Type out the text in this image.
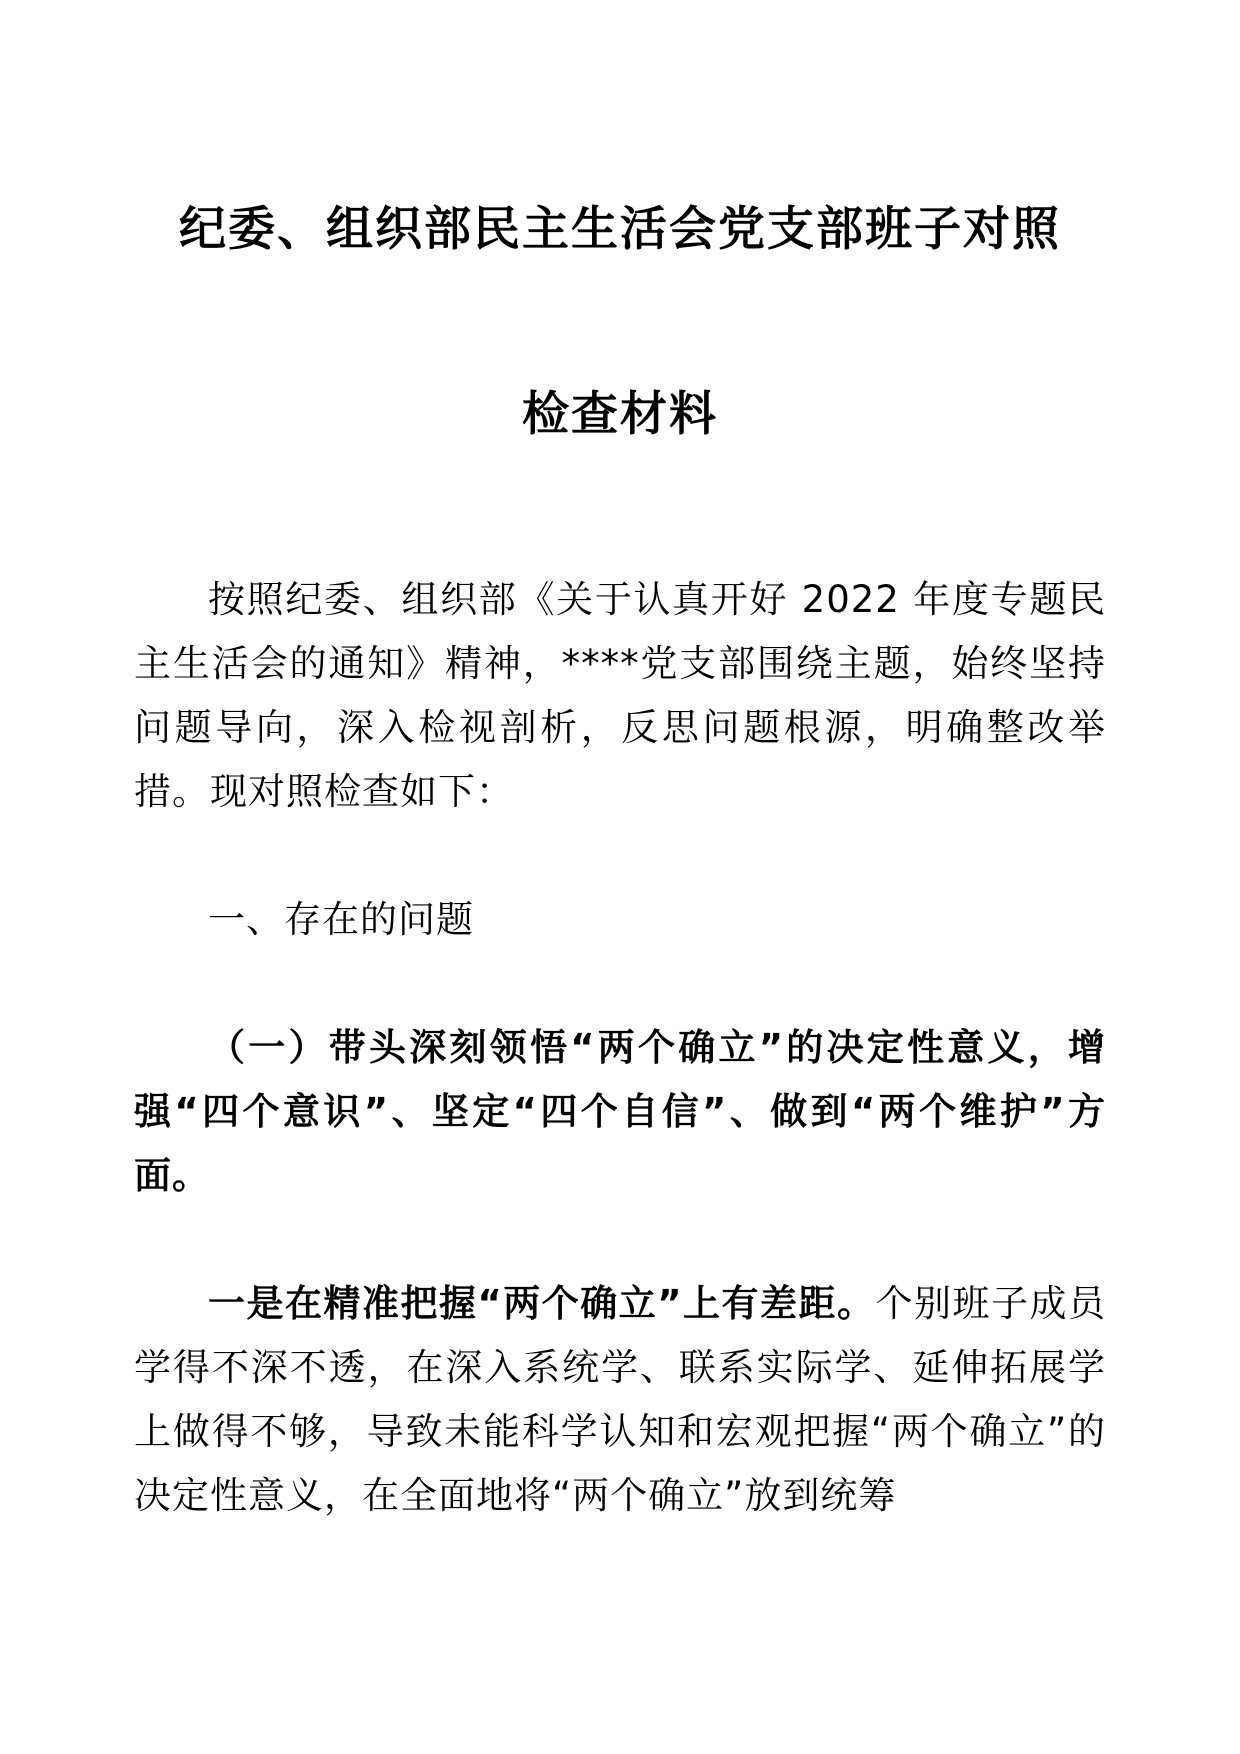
纪委、组织部民主生活会党支部班子对照
检查材料

按照纪委、组织部《关于认真开好 2022 年度专题民主生活会的通知》精神，****党支部围绕主题，始终坚持问题导向，深入检视剖析，反思问题根源，明确整改举措。现对照检查如下：

一、存在的问题

（一）带头深刻领悟“两个确立”的决定性意义，增强“四个意识”、坚定“四个自信”、做到“两个维护”方面。

一是在精准把握“两个确立”上有差距。个别班子成员学得不深不透，在深入系统学、联系实际学、延伸拓展学上做得不够，导致未能科学认知和宏观把握“两个确立”的决定性意义，在全面地将“两个确立”放到统筹
